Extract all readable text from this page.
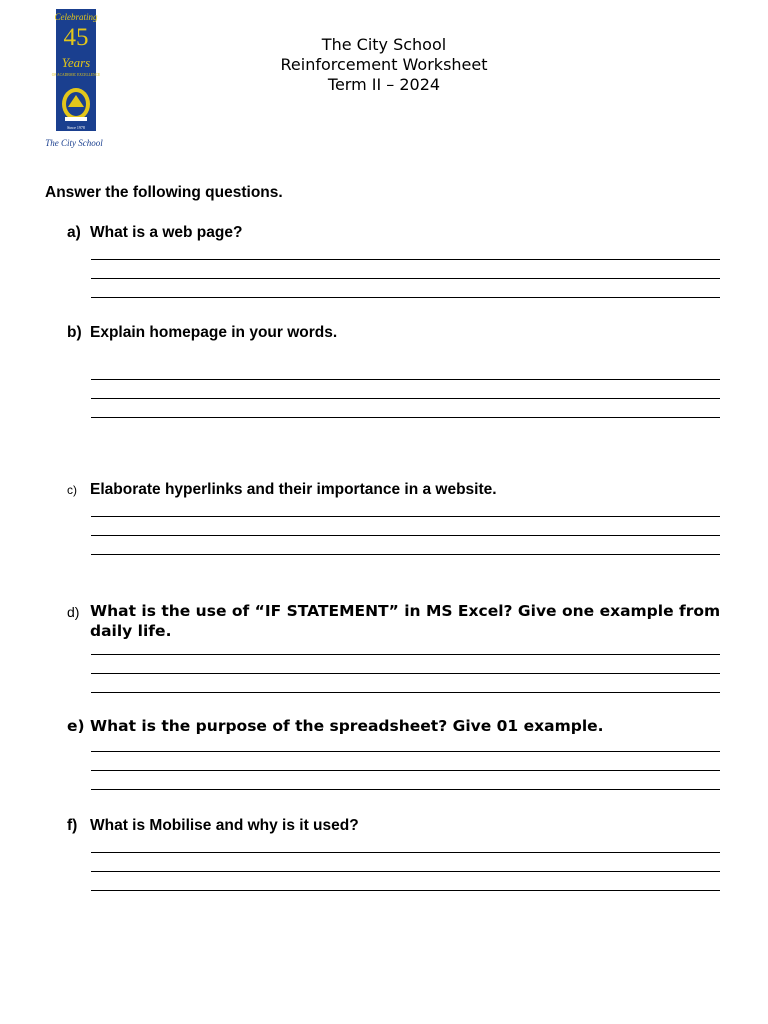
Celebrating
45
Years
OF ACADEMIC EXCELLENCE
Since 1978
The City School
The City School
Reinforcement Worksheet
Term II – 2024
Answer the following questions.
a) What is a web page?
b) Explain homepage in your words.
c) Elaborate hyperlinks and their importance in a website.
d) What is the use of “IF STATEMENT” in MS Excel? Give one example from daily life.
e) What is the purpose of the spreadsheet? Give 01 example.
f) What is Mobilise and why is it used?
